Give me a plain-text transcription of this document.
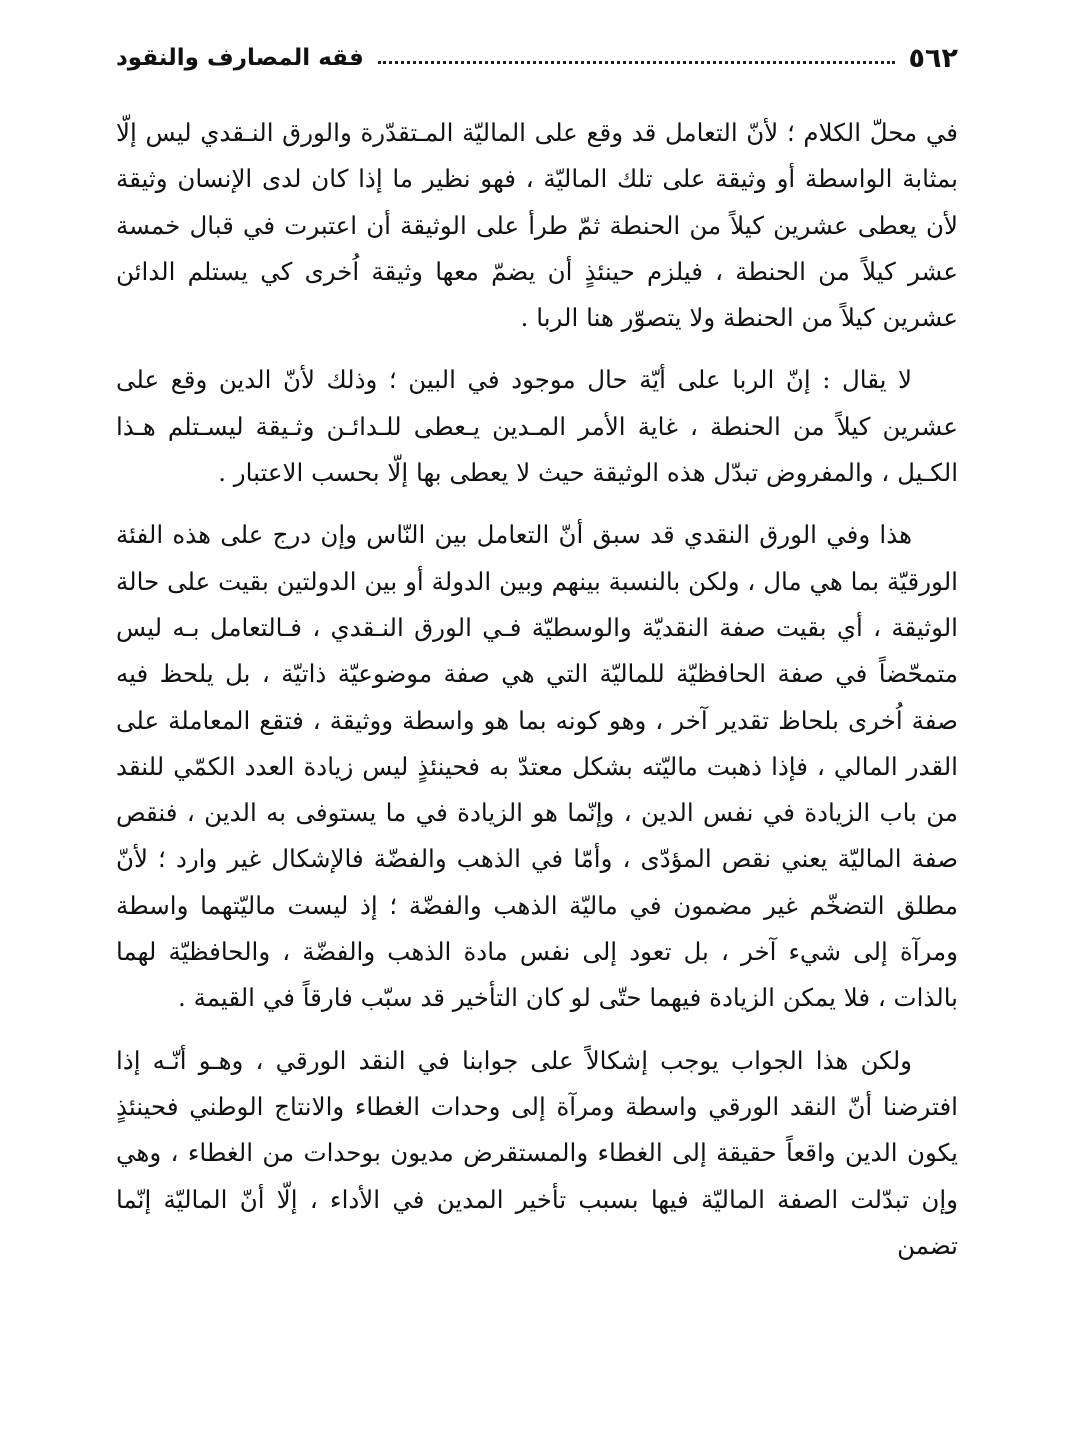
٥٦٢
فقه المصارف والنقود

في محلّ الكلام ؛ لأنّ التعامل قد وقع على الماليّة المـتقدّرة والورق النـقدي ليس إلّا بمثابة الواسطة أو وثيقة على تلك الماليّة ، فهو نظير ما إذا كان لدى الإنسان وثيقة لأن يعطى عشرين كيلاً من الحنطة ثمّ طرأ على الوثيقة أن اعتبرت في قبال خمسة عشر كيلاً من الحنطة ، فيلزم حينئذٍ أن يضمّ معها وثيقة اُخرى كي يستلم الدائن عشرين كيلاً من الحنطة ولا يتصوّر هنا الربا .

لا يقال : إنّ الربا على أيّة حال موجود في البين ؛ وذلك لأنّ الدين وقع على عشرين كيلاً من الحنطة ، غاية الأمر المـدين يـعطى للـدائـن وثـيقة ليسـتلم هـذا الكـيل ، والمفروض تبدّل هذه الوثيقة حيث لا يعطى بها إلّا بحسب الاعتبار .

هذا وفي الورق النقدي قد سبق أنّ التعامل بين النّاس وإن درج على هذه الفئة الورقيّة بما هي مال ، ولكن بالنسبة بينهم وبين الدولة أو بين الدولتين بقيت على حالة الوثيقة ، أي بقيت صفة النقديّة والوسطيّة فـي الورق النـقدي ، فـالتعامل بـه ليس متمحّضاً في صفة الحافظيّة للماليّة التي هي صفة موضوعيّة ذاتيّة ، بل يلحظ فيه صفة اُخرى بلحاظ تقدير آخر ، وهو كونه بما هو واسطة ووثيقة ، فتقع المعاملة على القدر المالي ، فإذا ذهبت ماليّته بشكل معتدّ به فحينئذٍ ليس زيادة العدد الكمّي للنقد من باب الزيادة في نفس الدين ، وإنّما هو الزيادة في ما يستوفى به الدين ، فنقص صفة الماليّة يعني نقص المؤدّى ، وأمّا في الذهب والفضّة فالإشكال غير وارد ؛ لأنّ مطلق التضخّم غير مضمون في ماليّة الذهب والفضّة ؛ إذ ليست ماليّتهما واسطة ومرآة إلى شيء آخر ، بل تعود إلى نفس مادة الذهب والفضّة ، والحافظيّة لهما بالذات ، فلا يمكن الزيادة فيهما حتّى لو كان التأخير قد سبّب فارقاً في القيمة .

ولكن هذا الجواب يوجب إشكالاً على جوابنا في النقد الورقي ، وهـو أنّـه إذا افترضنا أنّ النقد الورقي واسطة ومرآة إلى وحدات الغطاء والانتاج الوطني فحينئذٍ يكون الدين واقعاً حقيقة إلى الغطاء والمستقرض مديون بوحدات من الغطاء ، وهي وإن تبدّلت الصفة الماليّة فيها بسبب تأخير المدين في الأداء ، إلّا أنّ الماليّة إنّما تضمن
